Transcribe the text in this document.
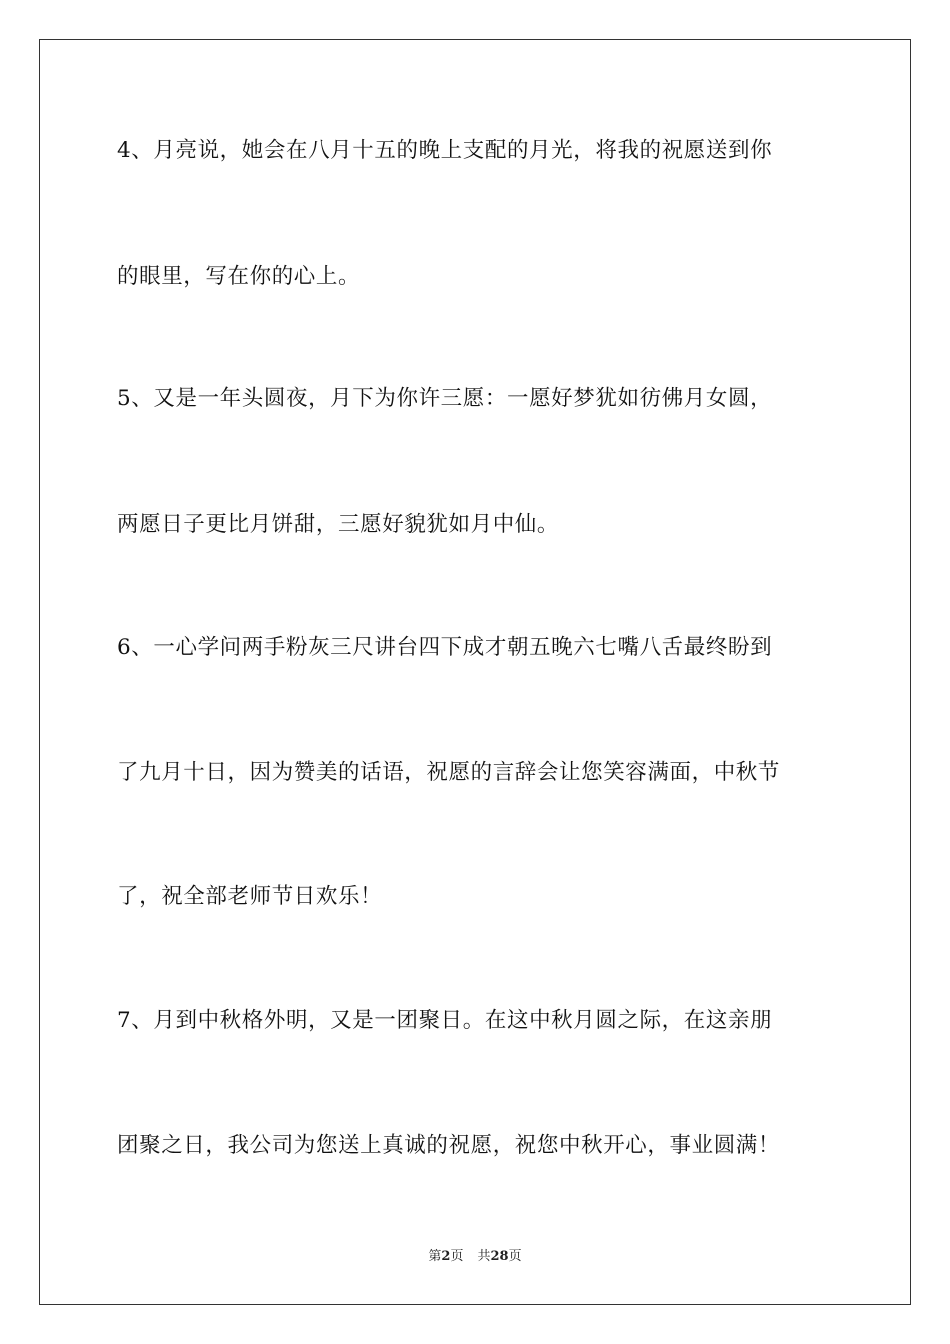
4、月亮说，她会在八月十五的晚上支配的月光，将我的祝愿送到你
的眼里，写在你的心上。
5、又是一年头圆夜，月下为你许三愿：一愿好梦犹如彷佛月女圆，
两愿日子更比月饼甜，三愿好貌犹如月中仙。
6、一心学问两手粉灰三尺讲台四下成才朝五晚六七嘴八舌最终盼到
了九月十日，因为赞美的话语，祝愿的言辞会让您笑容满面，中秋节
了，祝全部老师节日欢乐！
7、月到中秋格外明，又是一团聚日。在这中秋月圆之际，在这亲朋
团聚之日，我公司为您送上真诚的祝愿，祝您中秋开心，事业圆满！
第2页 共28页
